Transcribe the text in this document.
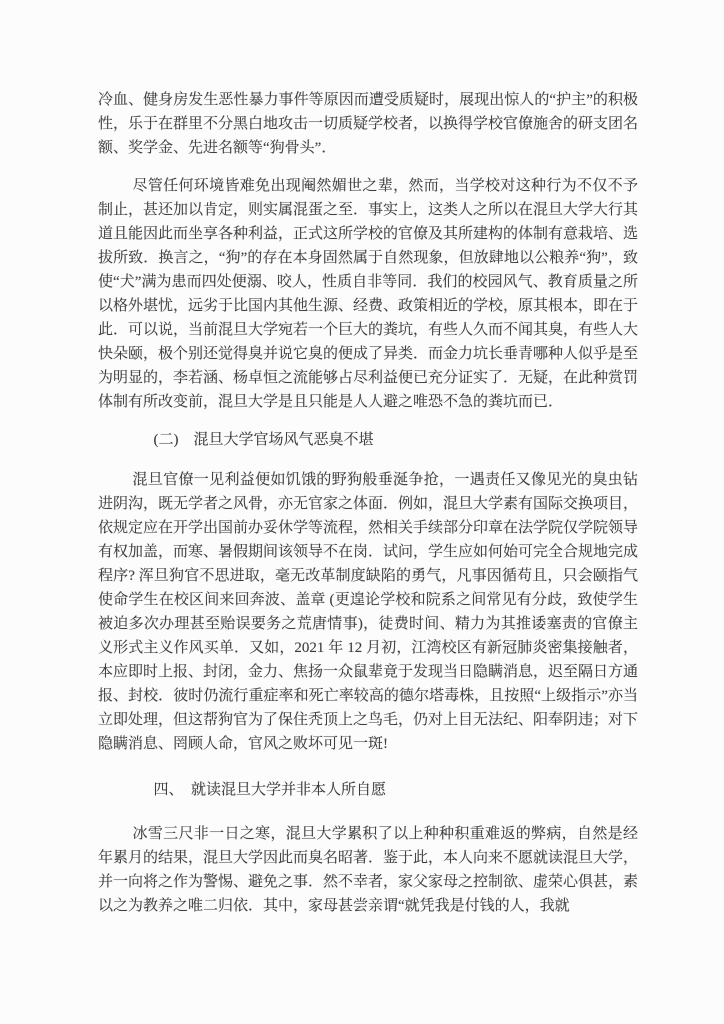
冷血、健身房发生恶性暴力事件等原因而遭受质疑时，展现出惊人的“护主”的积极性，乐于在群里不分黑白地攻击一切质疑学校者，以换得学校官僚施舍的研支团名额、奖学金、先进名额等“狗骨头”．

尽管任何环境皆难免出现阉然媚世之辈，然而，当学校对这种行为不仅不予制止，甚还加以肯定，则实属混蛋之至．事实上，这类人之所以在混旦大学大行其道且能因此而坐享各种利益，正式这所学校的官僚及其所建构的体制有意栽培、选拔所致．换言之，“狗”的存在本身固然属于自然现象，但放肆地以公粮养“狗”，致使“犬”满为患而四处便溺、咬人，性质自非等同．我们的校园风气、教育质量之所以格外堪忧，远劣于比国内其他生源、经费、政策相近的学校，原其根本，即在于此．可以说，当前混旦大学宛若一个巨大的粪坑，有些人久而不闻其臭，有些人大快朵颐，极个别还觉得臭并说它臭的便成了异类．而金力坑长垂青哪种人似乎是至为明显的，李若涵、杨卓恒之流能够占尽利益便已充分证实了．无疑，在此种赏罚体制有所改变前，混旦大学是且只能是人人避之唯恐不急的粪坑而已．

(二)　混旦大学官场风气恶臭不堪

混旦官僚一见利益便如饥饿的野狗般垂涎争抢，一遇责任又像见光的臭虫钻进阴沟，既无学者之风骨，亦无官家之体面．例如，混旦大学素有国际交换项目，依规定应在开学出国前办妥休学等流程，然相关手续部分印章在法学院仅学院领导有权加盖，而寒、暑假期间该领导不在岗．试问，学生应如何始可完全合规地完成程序? 浑旦狗官不思进取，毫无改革制度缺陷的勇气，凡事因循苟且，只会颐指气使命学生在校区间来回奔波、盖章 (更遑论学校和院系之间常见有分歧，致使学生被迫多次办理甚至贻误要务之荒唐情事)，徒费时间、精力为其推诿塞责的官僚主义形式主义作风买单．又如，2021 年 12 月初，江湾校区有新冠肺炎密集接触者，本应即时上报、封闭，金力、焦扬一众鼠辈竟于发现当日隐瞒消息，迟至隔日方通报、封校．彼时仍流行重症率和死亡率较高的德尔塔毒株，且按照“上级指示”亦当立即处理，但这帮狗官为了保住秃顶上之鸟毛，仍对上目无法纪、阳奉阴违；对下隐瞒消息、罔顾人命，官风之败坏可见一斑!

四、　就读混旦大学并非本人所自愿

冰雪三尺非一日之寒，混旦大学累积了以上种种积重难返的弊病，自然是经年累月的结果，混旦大学因此而臭名昭著．鉴于此，本人向来不愿就读混旦大学，并一向将之作为警惕、避免之事．然不幸者，家父家母之控制欲、虚荣心俱甚，素以之为教养之唯二归依．其中，家母甚尝亲谓“就凭我是付钱的人，我就
